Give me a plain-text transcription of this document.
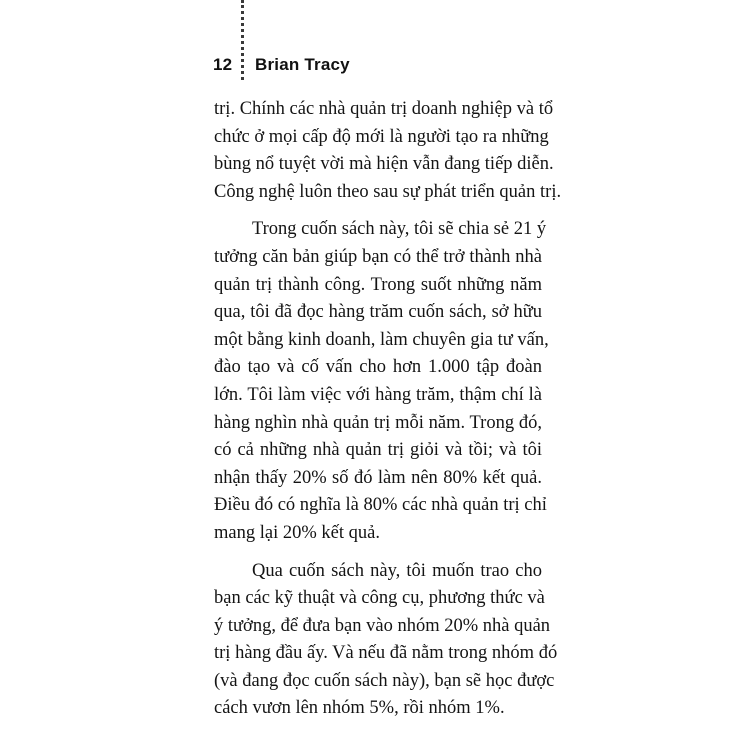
12 Brian Tracy

trị. Chính các nhà quản trị doanh nghiệp và tổ
chức ở mọi cấp độ mới là người tạo ra những
bùng nổ tuyệt vời mà hiện vẫn đang tiếp diễn.
Công nghệ luôn theo sau sự phát triển quản trị.

Trong cuốn sách này, tôi sẽ chia sẻ 21 ý
tưởng căn bản giúp bạn có thể trở thành nhà
quản trị thành công. Trong suốt những năm
qua, tôi đã đọc hàng trăm cuốn sách, sở hữu
một bằng kinh doanh, làm chuyên gia tư vấn,
đào tạo và cố vấn cho hơn 1.000 tập đoàn
lớn. Tôi làm việc với hàng trăm, thậm chí là
hàng nghìn nhà quản trị mỗi năm. Trong đó,
có cả những nhà quản trị giỏi và tồi; và tôi
nhận thấy 20% số đó làm nên 80% kết quả.
Điều đó có nghĩa là 80% các nhà quản trị chỉ
mang lại 20% kết quả.

Qua cuốn sách này, tôi muốn trao cho
bạn các kỹ thuật và công cụ, phương thức và
ý tưởng, để đưa bạn vào nhóm 20% nhà quản
trị hàng đầu ấy. Và nếu đã nằm trong nhóm đó
(và đang đọc cuốn sách này), bạn sẽ học được
cách vươn lên nhóm 5%, rồi nhóm 1%.
